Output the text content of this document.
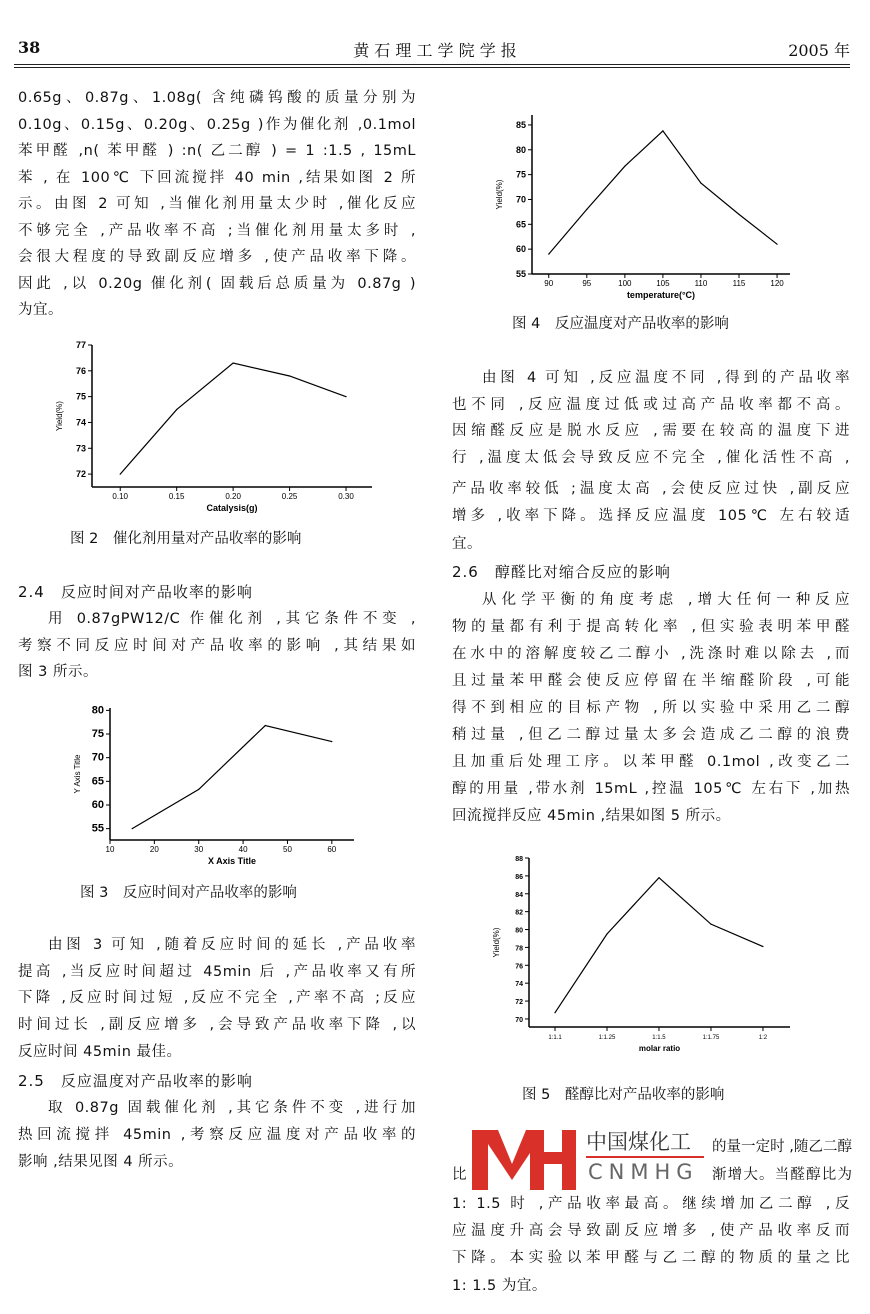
38	黄 石 理 工 学 院 学 报	2005 年
中国煤化工
CNMHG
0.65g、0.87g、1.08g( 含纯磷钨酸的质量分别为
0.10g、0.15g、0.20g、0.25g )作为催化剂 ,0.1mol
苯甲醛 ,n( 苯甲醛 ) :n( 乙二醇 ) = 1 :1.5 , 15mL
苯 , 在 100℃ 下回流搅拌 40 min ,结果如图 2 所
示。由图 2 可知 ,当催化剂用量太少时 ,催化反应
不够完全 ,产品收率不高 ;当催化剂用量太多时 ,
会很大程度的导致副反应增多 ,使产品收率下降。
因此 ,以 0.20g 催化剂( 固载后总质量为 0.87g )
为宜。
用 0.87gPW12/C 作催化剂 ,其它条件不变 ,
考察不同反应时间对产品收率的影响 ,其结果如
图 3 所示。
由图 3 可知 ,随着反应时间的延长 ,产品收率
提高 ,当反应时间超过 45min 后 ,产品收率又有所
下降 ,反应时间过短 ,反应不完全 ,产率不高 ;反应
时间过长 ,副反应增多 ,会导致产品收率下降 ,以
反应时间 45min 最佳。
取 0.87g 固载催化剂 ,其它条件不变 ,进行加
热回流搅拌 45min ,考察反应温度对产品收率的
影响 ,结果见图 4 所示。
由图 4 可知 ,反应温度不同 ,得到的产品收率
也不同 ,反应温度过低或过高产品收率都不高。
因缩醛反应是脱水反应 ,需要在较高的温度下进
行 ,温度太低会导致反应不完全 ,催化活性不高 ,
产品收率较低 ;温度太高 ,会使反应过快 ,副反应
增多 ,收率下降。选择反应温度 105℃ 左右较适
宜。
从化学平衡的角度考虑 ,增大任何一种反应
物的量都有利于提高转化率 ,但实验表明苯甲醛
在水中的溶解度较乙二醇小 ,洗涤时难以除去 ,而
且过量苯甲醛会使反应停留在半缩醛阶段 ,可能
得不到相应的目标产物 ,所以实验中采用乙二醇
稍过量 ,但乙二醇过量太多会造成乙二醇的浪费
且加重后处理工序。以苯甲醛 0.1mol ,改变乙二
醇的用量 ,带水剂 15mL ,控温 105℃ 左右下 ,加热
回流搅拌反应 45min ,结果如图 5 所示。
的量一定时 ,随乙二醇
比	渐增大。当醛醇比为
1: 1.5 时 ,产品收率最高。继续增加乙二醇 ,反
应温度升高会导致副反应增多 ,使产品收率反而
下降。本实验以苯甲醛与乙二醇的物质的量之比
1: 1.5 为宜。
72
73
74
75
76
77
0.10	0.15	0.20	0.25	0.30
Catalysis(g)
Yield(%)
55
60
65
70
75
80
10	20	30	40	50	60
X Axis Title
Y Axis Title
55
60
65
70
75
80
85
90	95	100	105	110	115	120
temperature(°C)
Yield(%)
70
72
74
76
78
80
82
84
86
88
1:1.1	1:1.25	1:1.5	1:1.75	1:2
molar ratio
Yield(%)
图 2　催化剂用量对产品收率的影响
2.4　反应时间对产品收率的影响
图 3　反应时间对产品收率的影响
2.5　反应温度对产品收率的影响
图 4　反应温度对产品收率的影响
2.6　醇醛比对缩合反应的影响
图 5　醛醇比对产品收率的影响
